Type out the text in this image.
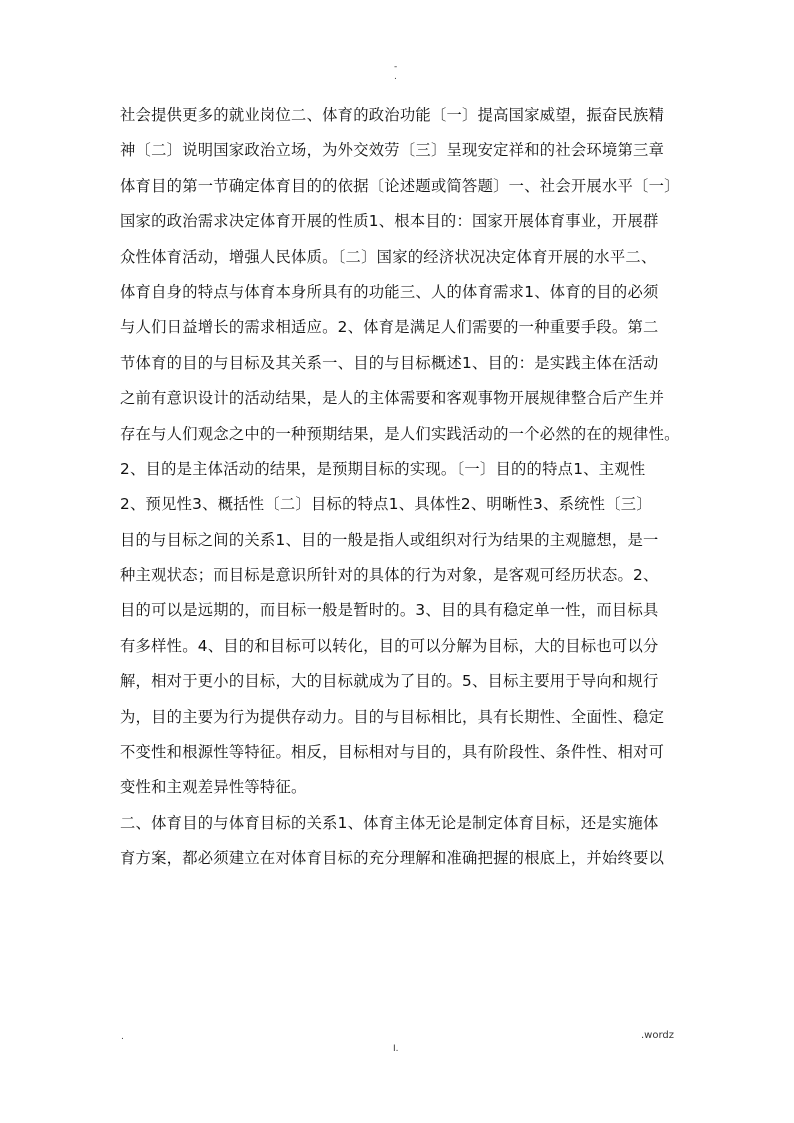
-
.
社会提供更多的就业岗位二、体育的政治功能〔一〕提高国家威望，振奋民族精
神〔二〕说明国家政治立场，为外交效劳〔三〕呈现安定祥和的社会环境第三章
体育目的第一节确定体育目的的依据〔论述题或简答题〕一、社会开展水平〔一〕
国家的政治需求决定体育开展的性质1、根本目的：国家开展体育事业，开展群
众性体育活动，增强人民体质。〔二〕国家的经济状况决定体育开展的水平二、
体育自身的特点与体育本身所具有的功能三、人的体育需求1、体育的目的必须
与人们日益增长的需求相适应。2、体育是满足人们需要的一种重要手段。第二
节体育的目的与目标及其关系一、目的与目标概述1、目的：是实践主体在活动
之前有意识设计的活动结果，是人的主体需要和客观事物开展规律整合后产生并
存在与人们观念之中的一种预期结果，是人们实践活动的一个必然的在的规律性。
2、目的是主体活动的结果，是预期目标的实现。〔一〕目的的特点1、主观性
2、预见性3、概括性〔二〕目标的特点1、具体性2、明晰性3、系统性〔三〕
目的与目标之间的关系1、目的一般是指人或组织对行为结果的主观臆想，是一
种主观状态；而目标是意识所针对的具体的行为对象，是客观可经历状态。2、
目的可以是远期的，而目标一般是暂时的。3、目的具有稳定单一性，而目标具
有多样性。4、目的和目标可以转化，目的可以分解为目标，大的目标也可以分
解，相对于更小的目标，大的目标就成为了目的。5、目标主要用于导向和规行
为，目的主要为行为提供存动力。目的与目标相比，具有长期性、全面性、稳定
不变性和根源性等特征。相反，目标相对与目的，具有阶段性、条件性、相对可
变性和主观差异性等特征。
二、体育目的与体育目标的关系1、体育主体无论是制定体育目标，还是实施体
育方案，都必须建立在对体育目标的充分理解和准确把握的根底上，并始终要以
.
I.
.wordz
